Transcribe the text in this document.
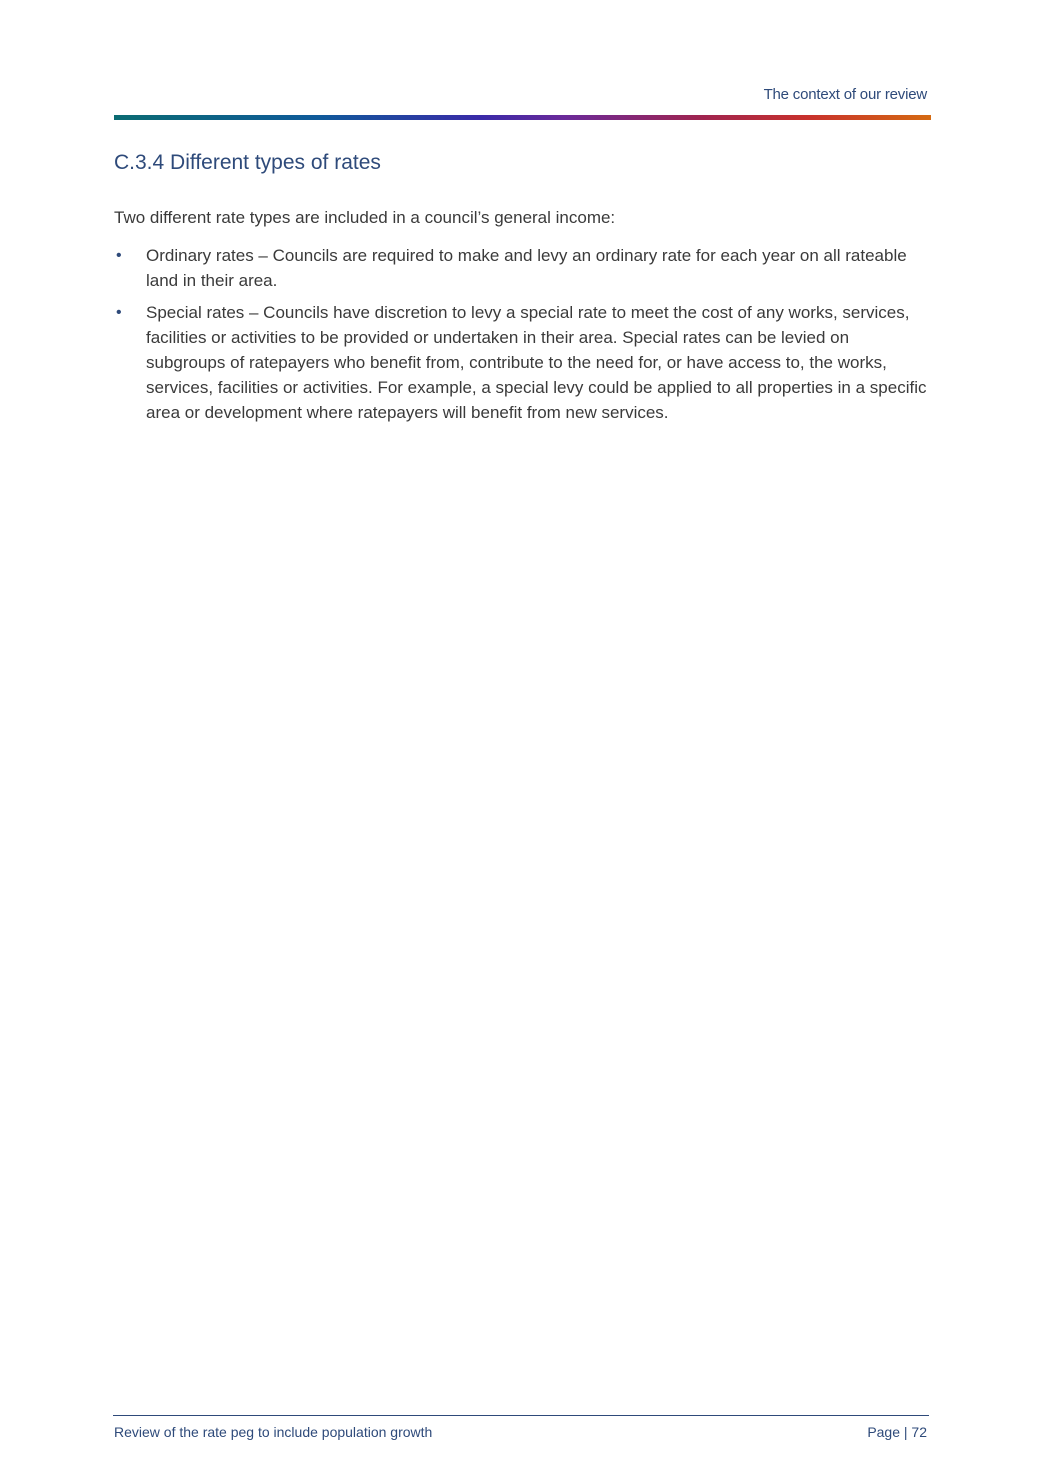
The context of our review
C.3.4 Different types of rates

Two different rate types are included in a council’s general income:

• Ordinary rates – Councils are required to make and levy an ordinary rate for each year on all rateable land in their area.
• Special rates – Councils have discretion to levy a special rate to meet the cost of any works, services, facilities or activities to be provided or undertaken in their area. Special rates can be levied on subgroups of ratepayers who benefit from, contribute to the need for, or have access to, the works, services, facilities or activities. For example, a special levy could be applied to all properties in a specific area or development where ratepayers will benefit from new services.
Review of the rate peg to include population growth	Page | 72
